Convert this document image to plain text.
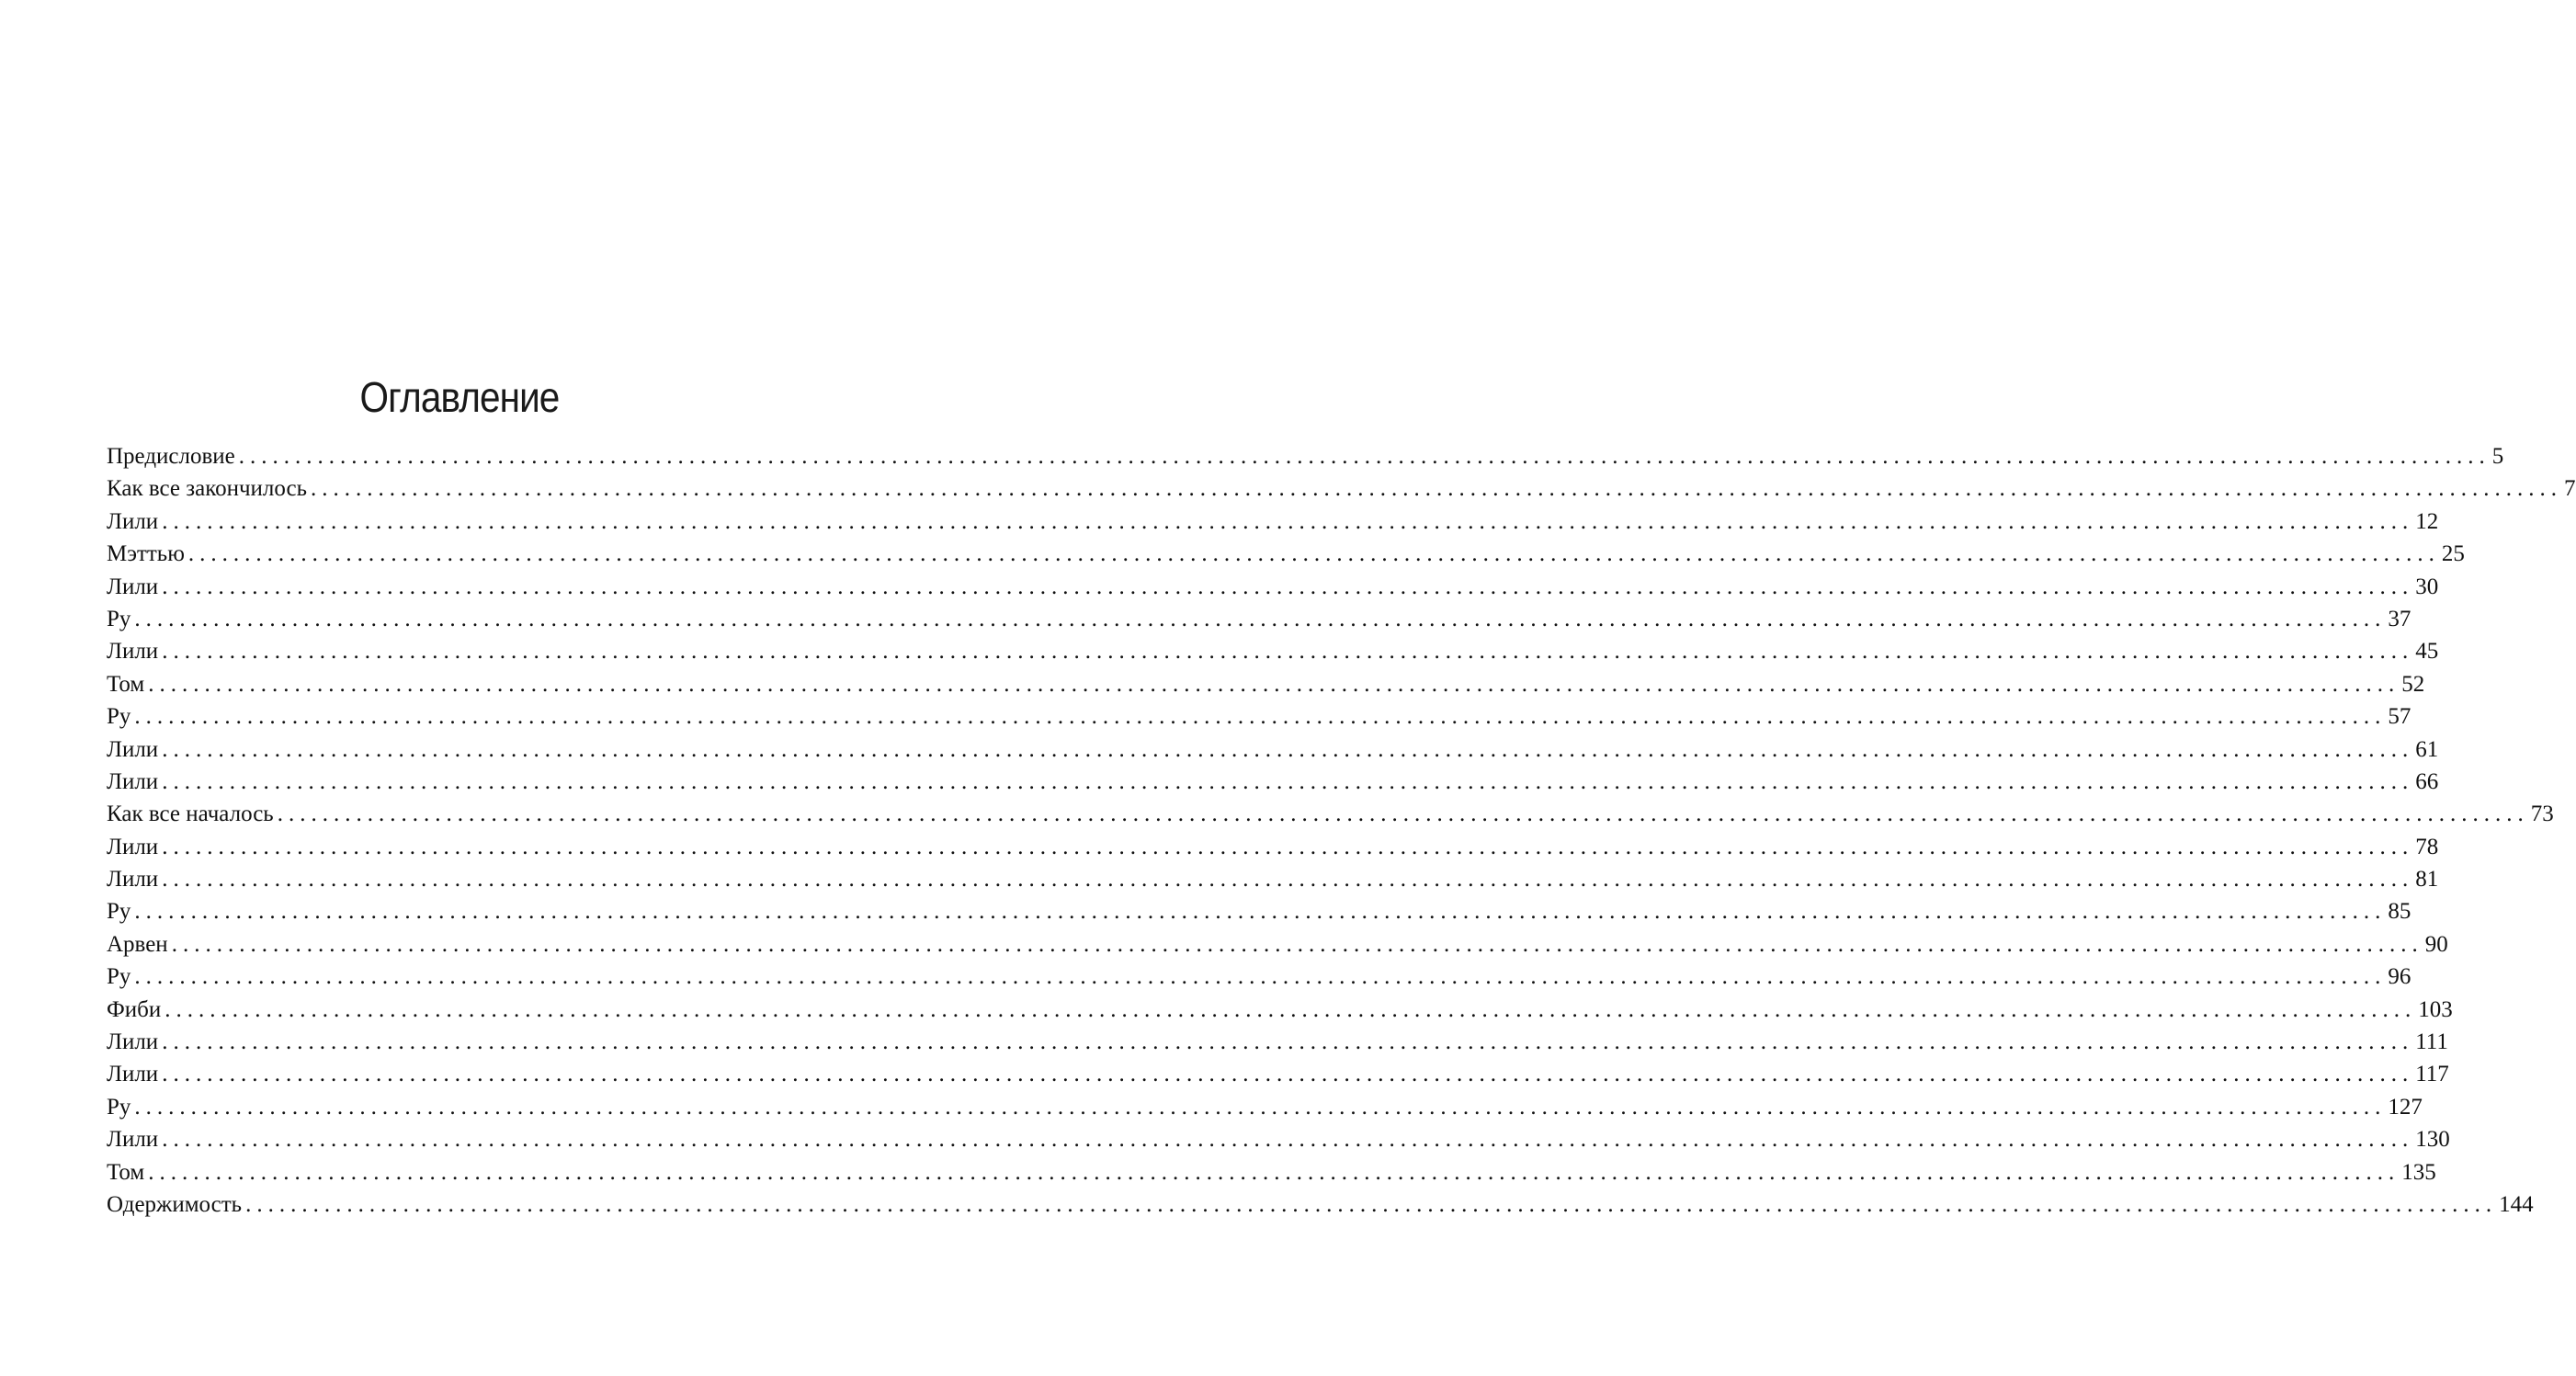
Оглавление
Предисловие ........................................................................................................................................................................................................ 5
Как все закончилось ........................................................................................................................................................................................................ 7
Лили ........................................................................................................................................................................................................ 12
Мэттью ........................................................................................................................................................................................................ 25
Лили ........................................................................................................................................................................................................ 30
Ру ........................................................................................................................................................................................................ 37
Лили ........................................................................................................................................................................................................ 45
Том ........................................................................................................................................................................................................ 52
Ру ........................................................................................................................................................................................................ 57
Лили ........................................................................................................................................................................................................ 61
Лили ........................................................................................................................................................................................................ 66
Как все началось ........................................................................................................................................................................................................ 73
Лили ........................................................................................................................................................................................................ 78
Лили ........................................................................................................................................................................................................ 81
Ру ........................................................................................................................................................................................................ 85
Арвен ........................................................................................................................................................................................................ 90
Ру ........................................................................................................................................................................................................ 96
Фиби ........................................................................................................................................................................................................ 103
Лили ........................................................................................................................................................................................................ 111
Лили ........................................................................................................................................................................................................ 117
Ру ........................................................................................................................................................................................................ 127
Лили ........................................................................................................................................................................................................ 130
Том ........................................................................................................................................................................................................ 135
Одержимость ........................................................................................................................................................................................................ 144
